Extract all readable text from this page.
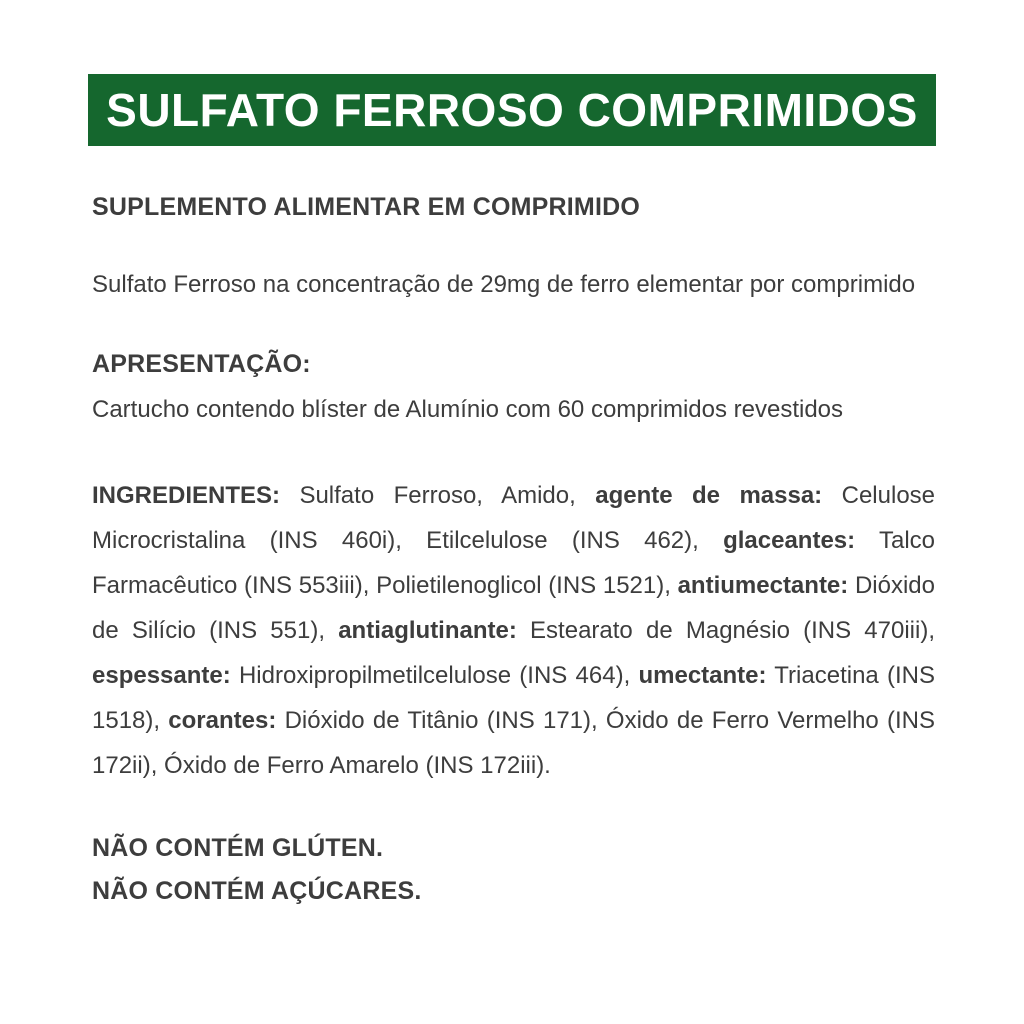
SULFATO FERROSO COMPRIMIDOS
SUPLEMENTO ALIMENTAR EM COMPRIMIDO

Sulfato Ferroso na concentração de 29mg de ferro elementar por comprimido

APRESENTAÇÃO:

Cartucho contendo blíster de Alumínio com 60 comprimidos revestidos

INGREDIENTES: Sulfato Ferroso, Amido, agente de massa: Celulose Microcristalina (INS 460i), Etilcelulose (INS 462), glaceantes: Talco Farmacêutico (INS 553iii), Polietilenoglicol (INS 1521), antiumectante: Dióxido de Silício (INS 551), antiaglutinante: Estearato de Magnésio (INS 470iii), espessante: Hidroxipropilmetilcelulose (INS 464), umectante: Triacetina (INS 1518), corantes: Dióxido de Titânio (INS 171), Óxido de Ferro Vermelho (INS 172ii), Óxido de Ferro Amarelo (INS 172iii).

NÃO CONTÉM GLÚTEN.

NÃO CONTÉM AÇÚCARES.
